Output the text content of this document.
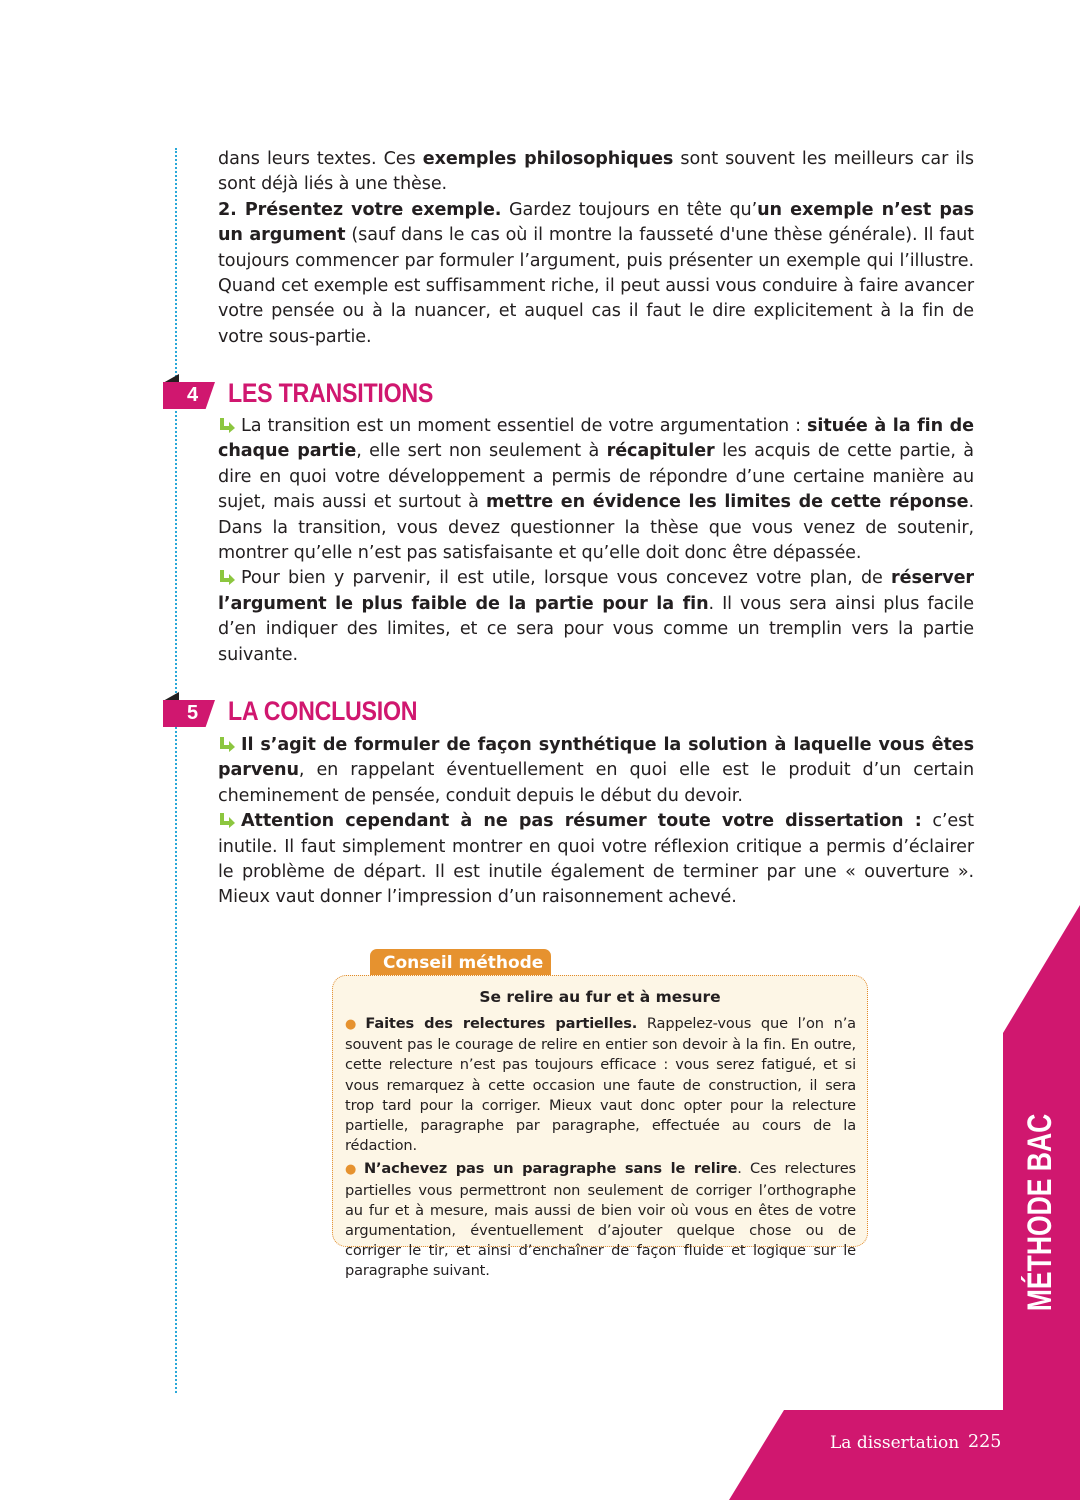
dans leurs textes. Ces exemples philosophiques sont souvent les meilleurs car ils sont déjà liés à une thèse.

2. Présentez votre exemple. Gardez toujours en tête qu’un exemple n’est pas un argument (sauf dans le cas où il montre la fausseté d'une thèse générale). Il faut toujours commencer par formuler l’argument, puis présenter un exemple qui l’illustre. Quand cet exemple est suffisamment riche, il peut aussi vous conduire à faire avancer votre pensée ou à la nuancer, et auquel cas il faut le dire explicitement à la fin de votre sous-partie.

4	LES TRANSITIONS

La transition est un moment essentiel de votre argumentation : située à la fin de chaque partie, elle sert non seulement à récapituler les acquis de cette partie, à dire en quoi votre développement a permis de répondre d’une certaine manière au sujet, mais aussi et surtout à mettre en évidence les limites de cette réponse. Dans la transition, vous devez questionner la thèse que vous venez de soutenir, montrer qu’elle n’est pas satisfaisante et qu’elle doit donc être dépassée.

Pour bien y parvenir, il est utile, lorsque vous concevez votre plan, de réserver l’argument le plus faible de la partie pour la fin. Il vous sera ainsi plus facile d’en indiquer des limites, et ce sera pour vous comme un tremplin vers la partie suivante.

5	LA CONCLUSION

Il s’agit de formuler de façon synthétique la solution à laquelle vous êtes parvenu, en rappelant éventuellement en quoi elle est le produit d’un certain cheminement de pensée, conduit depuis le début du devoir.

Attention cependant à ne pas résumer toute votre dissertation : c’est inutile. Il faut simplement montrer en quoi votre réflexion critique a permis d’éclairer le problème de départ. Il est inutile également de terminer par une « ouverture ». Mieux vaut donner l’impression d’un raisonnement achevé.

Conseil méthode
Se relire au fur et à mesure

● Faites des relectures partielles. Rappelez-vous que l’on n’a souvent pas le courage de relire en entier son devoir à la fin. En outre, cette relecture n’est pas toujours efficace : vous serez fatigué, et si vous remarquez à cette occasion une faute de construction, il sera trop tard pour la corriger. Mieux vaut donc opter pour la relecture partielle, paragraphe par paragraphe, effectuée au cours de la rédaction.

● N’achevez pas un paragraphe sans le relire. Ces relectures partielles vous permettront non seulement de corriger l’orthographe au fur et à mesure, mais aussi de bien voir où vous en êtes de votre argumentation, éventuellement d’ajouter quelque chose ou de corriger le tir, et ainsi d’enchaîner de façon fluide et logique sur le paragraphe suivant.	MÉTHODE BAC
La dissertation 225
